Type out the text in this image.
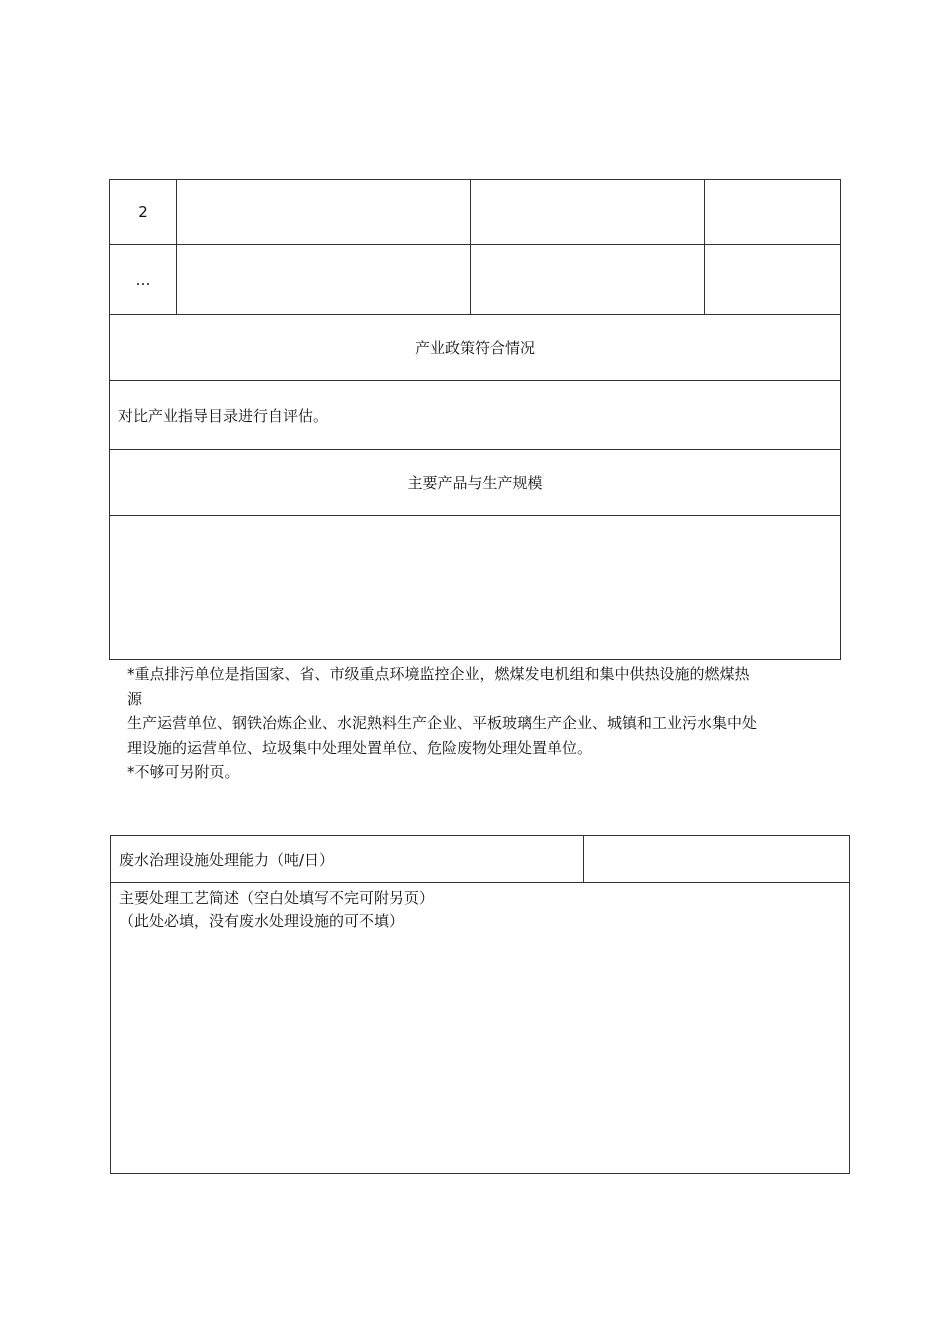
2			
…			
产业政策符合情况			
对比产业指导目录进行自评估。			
主要产品与生产规模			

*重点排污单位是指国家、省、市级重点环境监控企业，燃煤发电机组和集中供热设施的燃煤热
源
生产运营单位、钢铁冶炼企业、水泥熟料生产企业、平板玻璃生产企业、城镇和工业污水集中处
理设施的运营单位、垃圾集中处理处置单位、危险废物处理处置单位。
*不够可另附页。
废水治理设施处理能力（吨/日）	

主要处理工艺简述（空白处填写不完可附另页）
（此处必填，没有废水处理设施的可不填）
